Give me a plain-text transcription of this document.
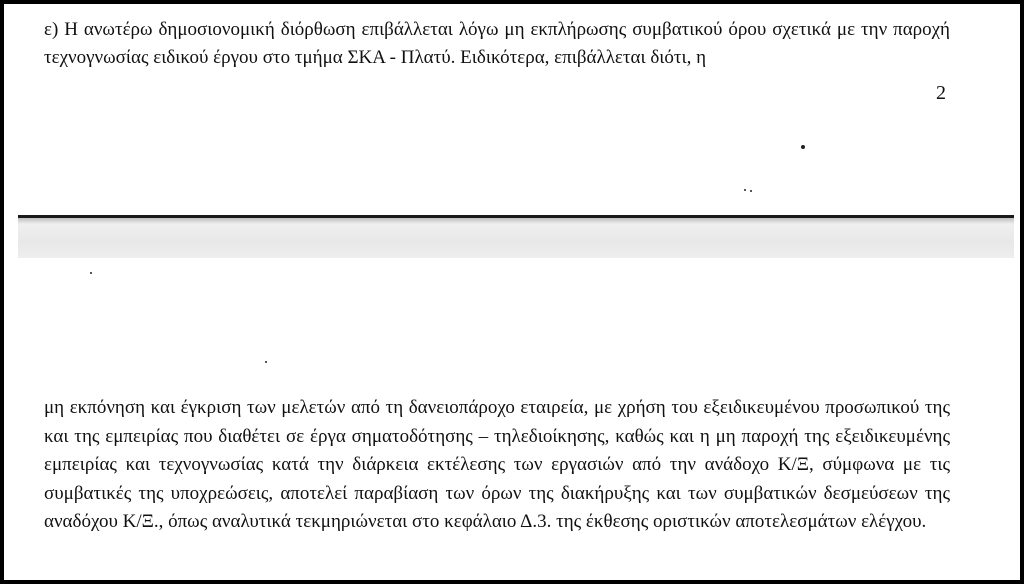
ε) Η ανωτέρω δημοσιονομική διόρθωση επιβάλλεται λόγω μη εκπλήρωσης συμβατικού όρου σχετικά με την παροχή τεχνογνωσίας ειδικού έργου στο τμήμα ΣΚΑ - Πλατύ. Ειδικότερα, επιβάλλεται διότι, η
2
μη εκπόνηση και έγκριση των μελετών από τη δανειοπάροχο εταιρεία, με χρήση του εξειδικευμένου προσωπικού της και της εμπειρίας που διαθέτει σε έργα σηματοδότησης – τηλεδιοίκησης, καθώς και η μη παροχή της εξειδικευμένης εμπειρίας και τεχνογνωσίας κατά την διάρκεια εκτέλεσης των εργασιών από την ανάδοχο Κ/Ξ, σύμφωνα με τις συμβατικές της υποχρεώσεις, αποτελεί παραβίαση των όρων της διακήρυξης και των συμβατικών δεσμεύσεων της αναδόχου Κ/Ξ., όπως αναλυτικά τεκμηριώνεται στο κεφάλαιο Δ.3. της έκθεσης οριστικών αποτελεσμάτων ελέγχου.
